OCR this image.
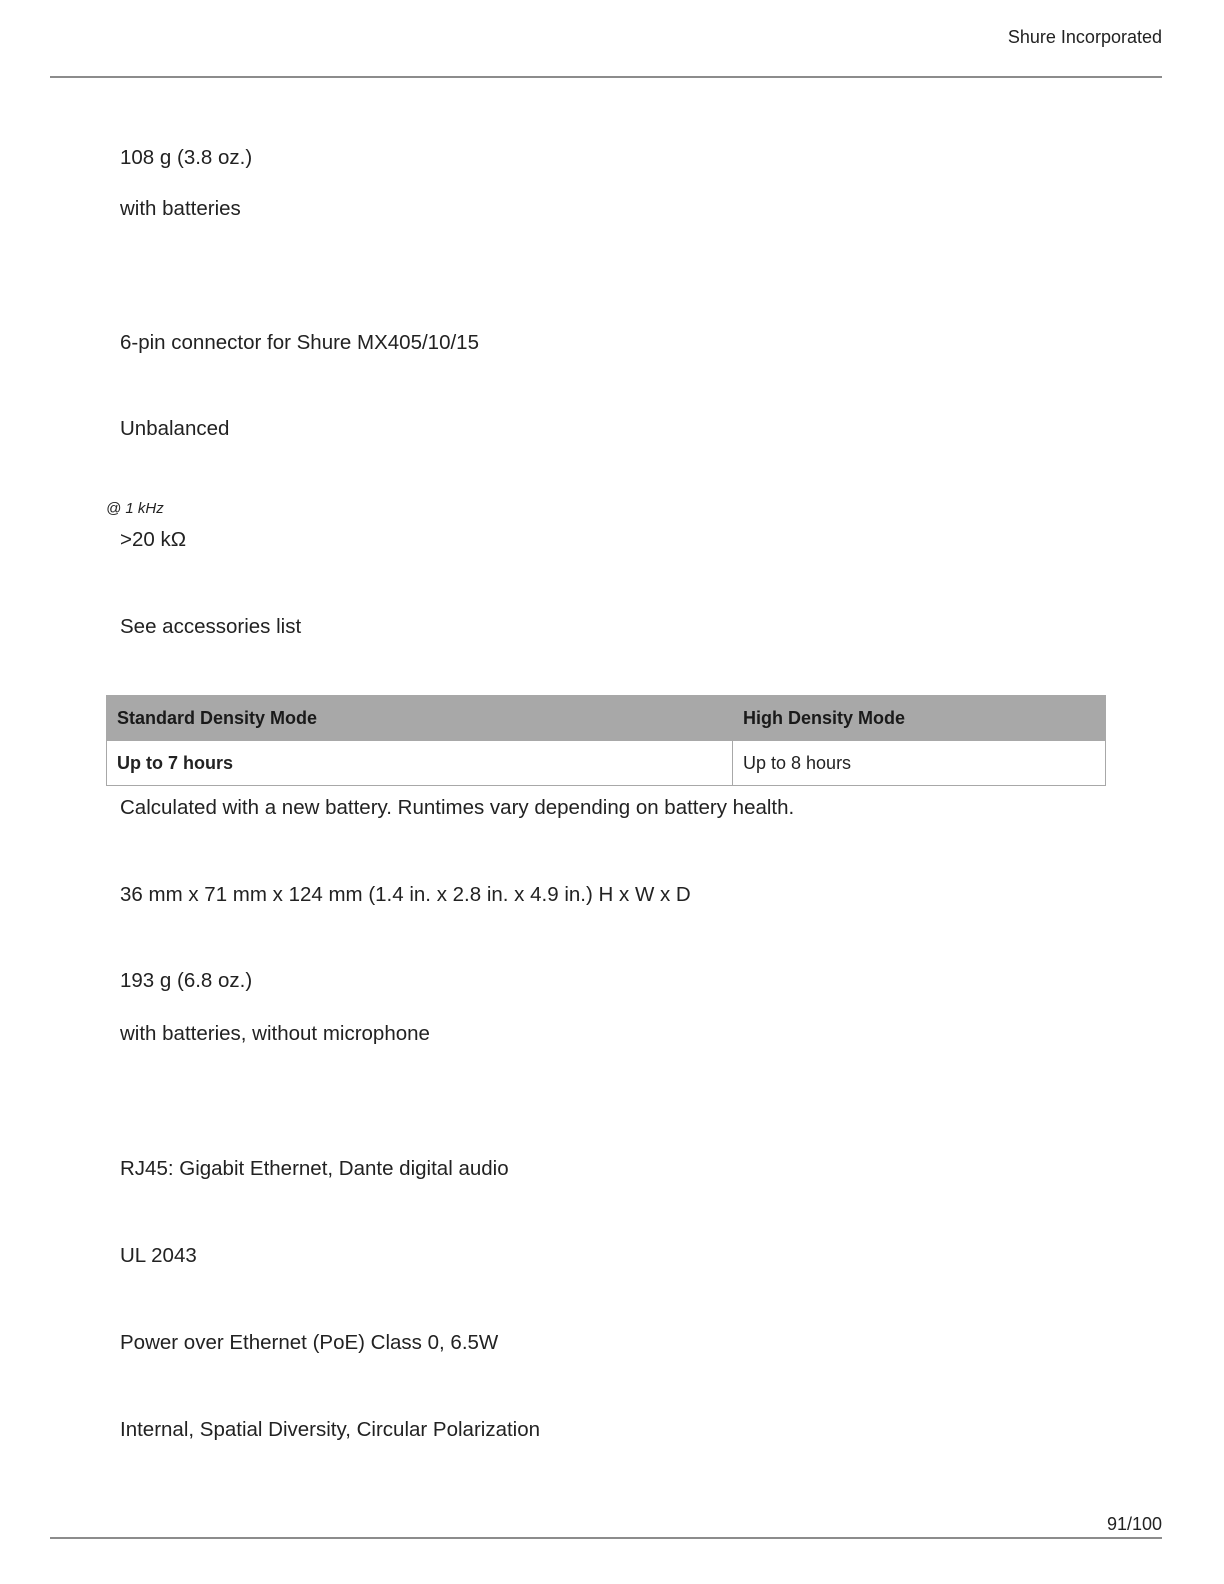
Shure Incorporated
108 g (3.8 oz.)
with batteries
6-pin connector for Shure MX405/10/15
Unbalanced
@ 1 kHz
>20 kΩ
See accessories list
Standard Density Mode	High Density Mode
Up to 7 hours	Up to 8 hours
Calculated with a new battery. Runtimes vary depending on battery health.
36 mm x 71 mm x 124 mm (1.4 in. x 2.8 in. x 4.9 in.) H x W x D
193 g (6.8 oz.)
with batteries, without microphone
RJ45: Gigabit Ethernet, Dante digital audio
UL 2043
Power over Ethernet (PoE) Class 0, 6.5W
Internal, Spatial Diversity, Circular Polarization
91/100
